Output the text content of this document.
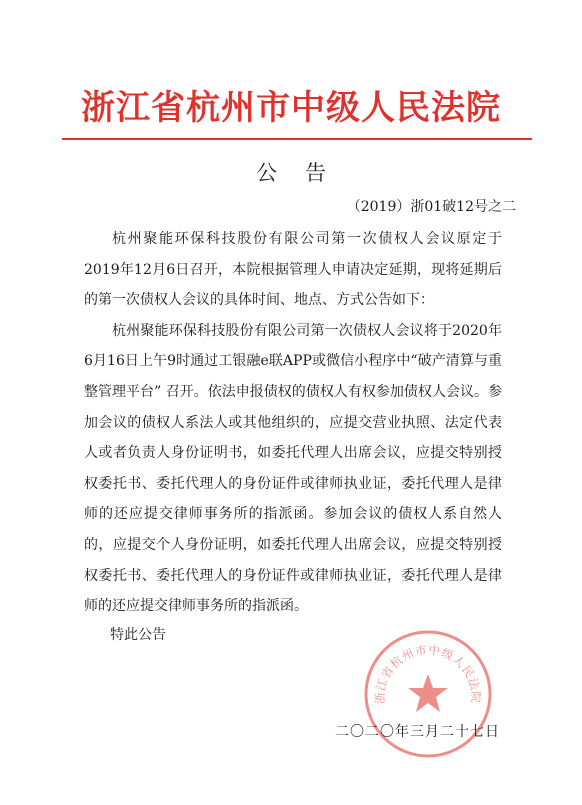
浙江省杭州市中级人民法院
公告
（2019）浙01破12号之二

杭州聚能环保科技股份有限公司第一次债权人会议原定于 2019年12月6日召开，本院根据管理人申请决定延期，现将延期后的第一次债权人会议的具体时间、地点、方式公告如下：

杭州聚能环保科技股份有限公司第一次债权人会议将于2020年6月16日上午9时通过工银融e联APP或微信小程序中“破产清算与重整管理平台” 召开。依法申报债权的债权人有权参加债权人会议。参加会议的债权人系法人或其他组织的，应提交营业执照、法定代表人或者负责人身份证明书，如委托代理人出席会议，应提交特别授权委托书、委托代理人的身份证件或律师执业证，委托代理人是律师的还应提交律师事务所的指派函。参加会议的债权人系自然人的，应提交个人身份证明，如委托代理人出席会议，应提交特别授权委托书、委托代理人的身份证件或律师执业证，委托代理人是律师的还应提交律师事务所的指派函。

特此公告
浙江省杭州市中级人民法院
二〇二〇年三月二十七日
